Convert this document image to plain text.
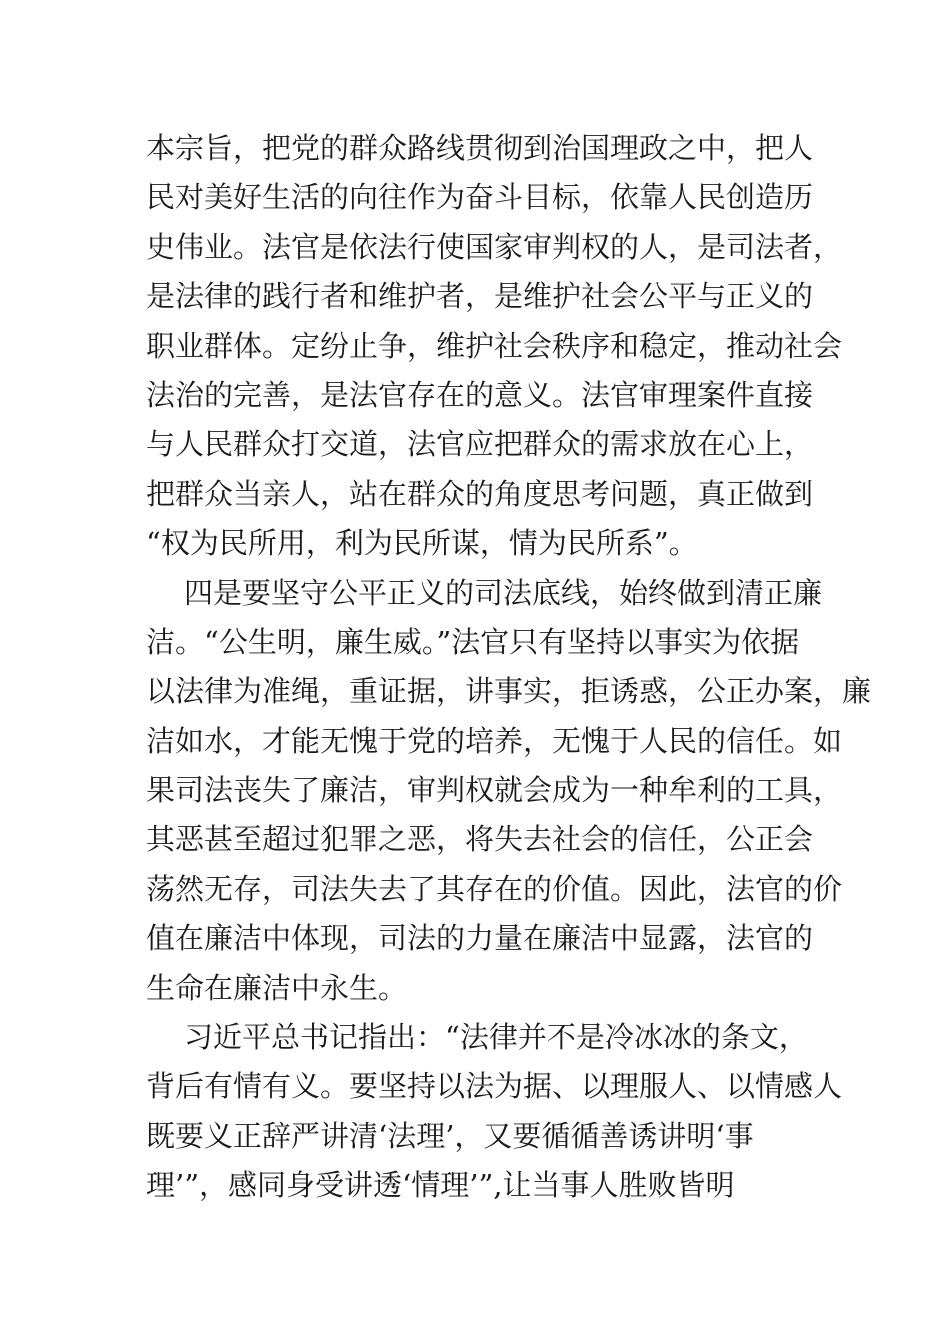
本宗旨，把党的群众路线贯彻到治国理政之中，把人
民对美好生活的向往作为奋斗目标，依靠人民创造历
史伟业。法官是依法行使国家审判权的人，是司法者，
是法律的践行者和维护者，是维护社会公平与正义的
职业群体。定纷止争，维护社会秩序和稳定，推动社会
法治的完善，是法官存在的意义。法官审理案件直接
与人民群众打交道，法官应把群众的需求放在心上，
把群众当亲人，站在群众的角度思考问题，真正做到
“权为民所用，利为民所谋，情为民所系”。
四是要坚守公平正义的司法底线，始终做到清正廉
洁。“公生明，廉生威。”法官只有坚持以事实为依据
以法律为准绳，重证据，讲事实，拒诱惑，公正办案，廉
洁如水，才能无愧于党的培养，无愧于人民的信任。如
果司法丧失了廉洁，审判权就会成为一种牟利的工具，
其恶甚至超过犯罪之恶，将失去社会的信任，公正会
荡然无存，司法失去了其存在的价值。因此，法官的价
值在廉洁中体现，司法的力量在廉洁中显露，法官的
生命在廉洁中永生。
习近平总书记指出：“法律并不是冷冰冰的条文，
背后有情有义。要坚持以法为据、以理服人、以情感人
既要义正辞严讲清‘法理’，又要循循善诱讲明‘事
理’”，感同身受讲透‘情理’”,让当事人胜败皆明
